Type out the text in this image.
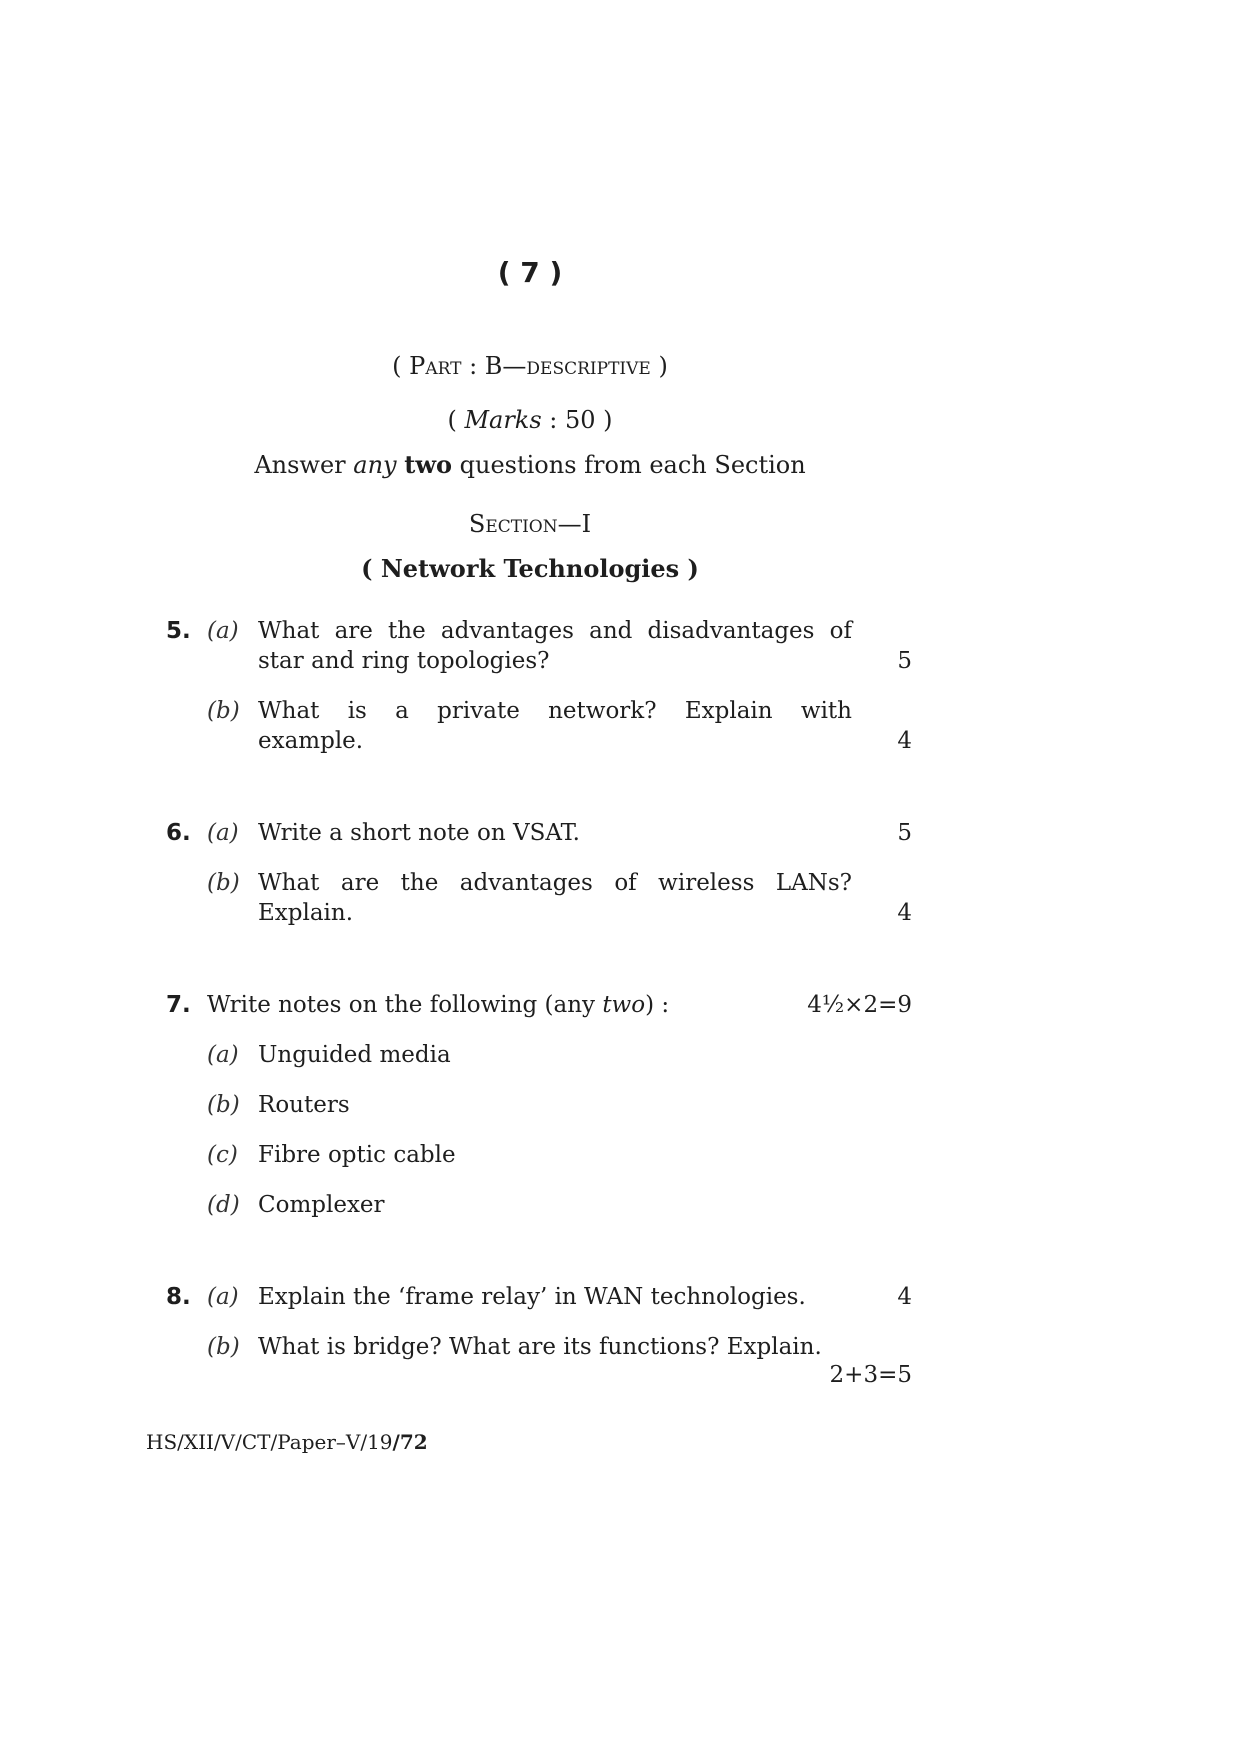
( 7 )
( Part : B—descriptive )
( Marks : 50 )
Answer any two questions from each Section
Section—I
( Network Technologies )
5. (a) What are the advantages and disadvantages of
star and ring topologies?	5
(b) What is a private network? Explain with
example.	4
6. (a) Write a short note on VSAT.	5
(b) What are the advantages of wireless LANs?
Explain.	4
7. Write notes on the following (any two) :	4½×2=9
(a) Unguided media
(b) Routers
(c) Fibre optic cable
(d) Complexer
8. (a) Explain the ‘frame relay’ in WAN technologies.	4
(b) What is bridge? What are its functions? Explain.
2+3=5
HS/XII/V/CT/Paper–V/19/72
